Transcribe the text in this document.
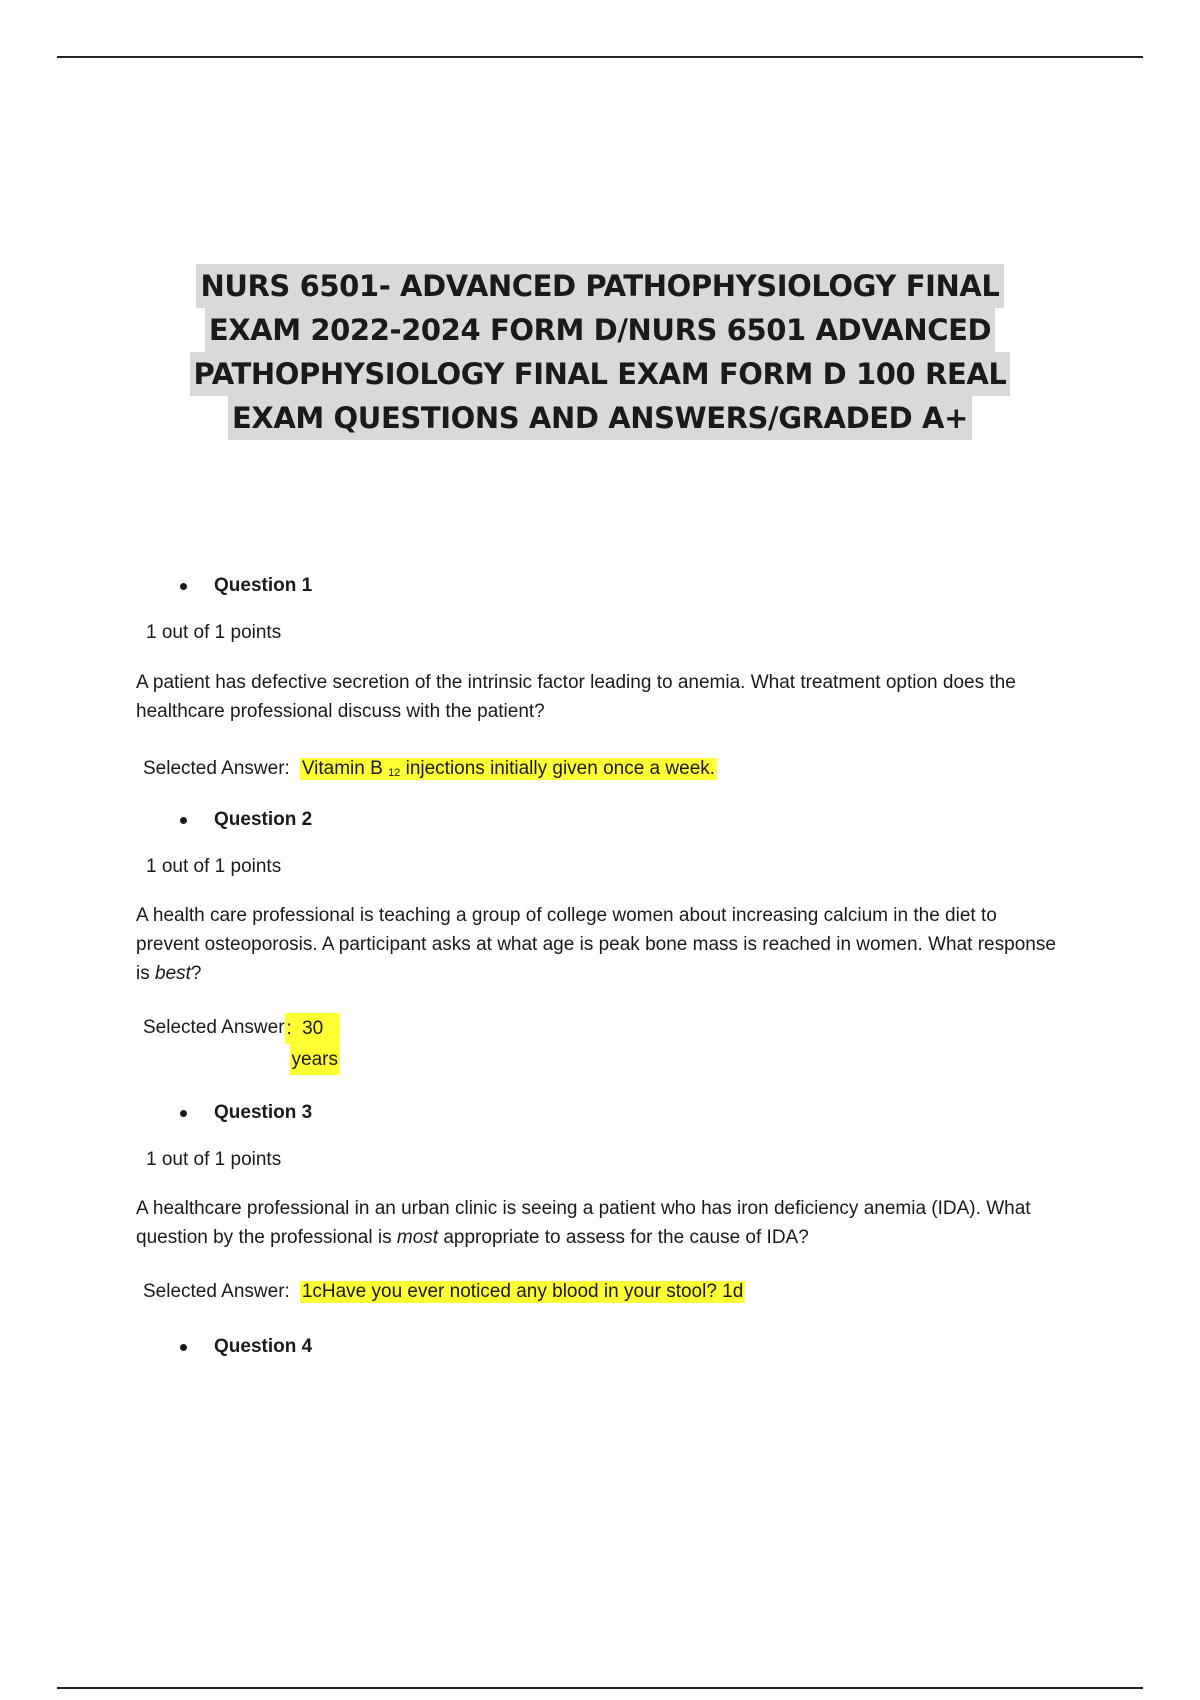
NURS 6501- ADVANCED PATHOPHYSIOLOGY FINAL
EXAM 2022-2024 FORM D/NURS 6501 ADVANCED
PATHOPHYSIOLOGY FINAL EXAM FORM D 100 REAL
EXAM QUESTIONS AND ANSWERS/GRADED A+
Question 1
1 out of 1 points
A patient has defective secretion of the intrinsic factor leading to anemia. What treatment option does the healthcare professional discuss with the patient?
Selected Answer: Vitamin B 12 injections initially given once a week.
Question 2
1 out of 1 points
A health care professional is teaching a group of college women about increasing calcium in the diet to prevent osteoporosis. A participant asks at what age is peak bone mass is reached in women. What response is best?
Selected Answer : 30
years
Question 3
1 out of 1 points
A healthcare professional in an urban clinic is seeing a patient who has iron deficiency anemia (IDA). What question by the professional is most appropriate to assess for the cause of IDA?
Selected Answer: 1cHave you ever noticed any blood in your stool? 1d
Question 4
